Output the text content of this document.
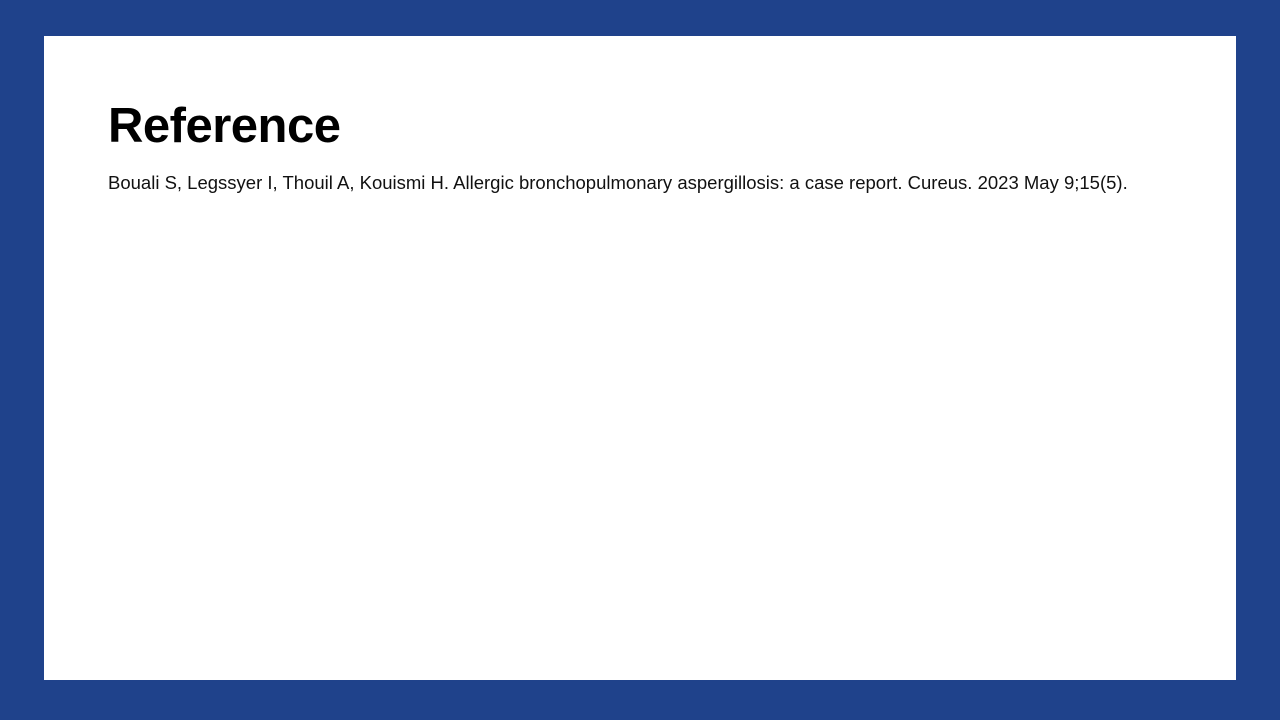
Reference

Bouali S, Legssyer I, Thouil A, Kouismi H. Allergic bronchopulmonary aspergillosis: a case report. Cureus. 2023 May 9;15(5).
